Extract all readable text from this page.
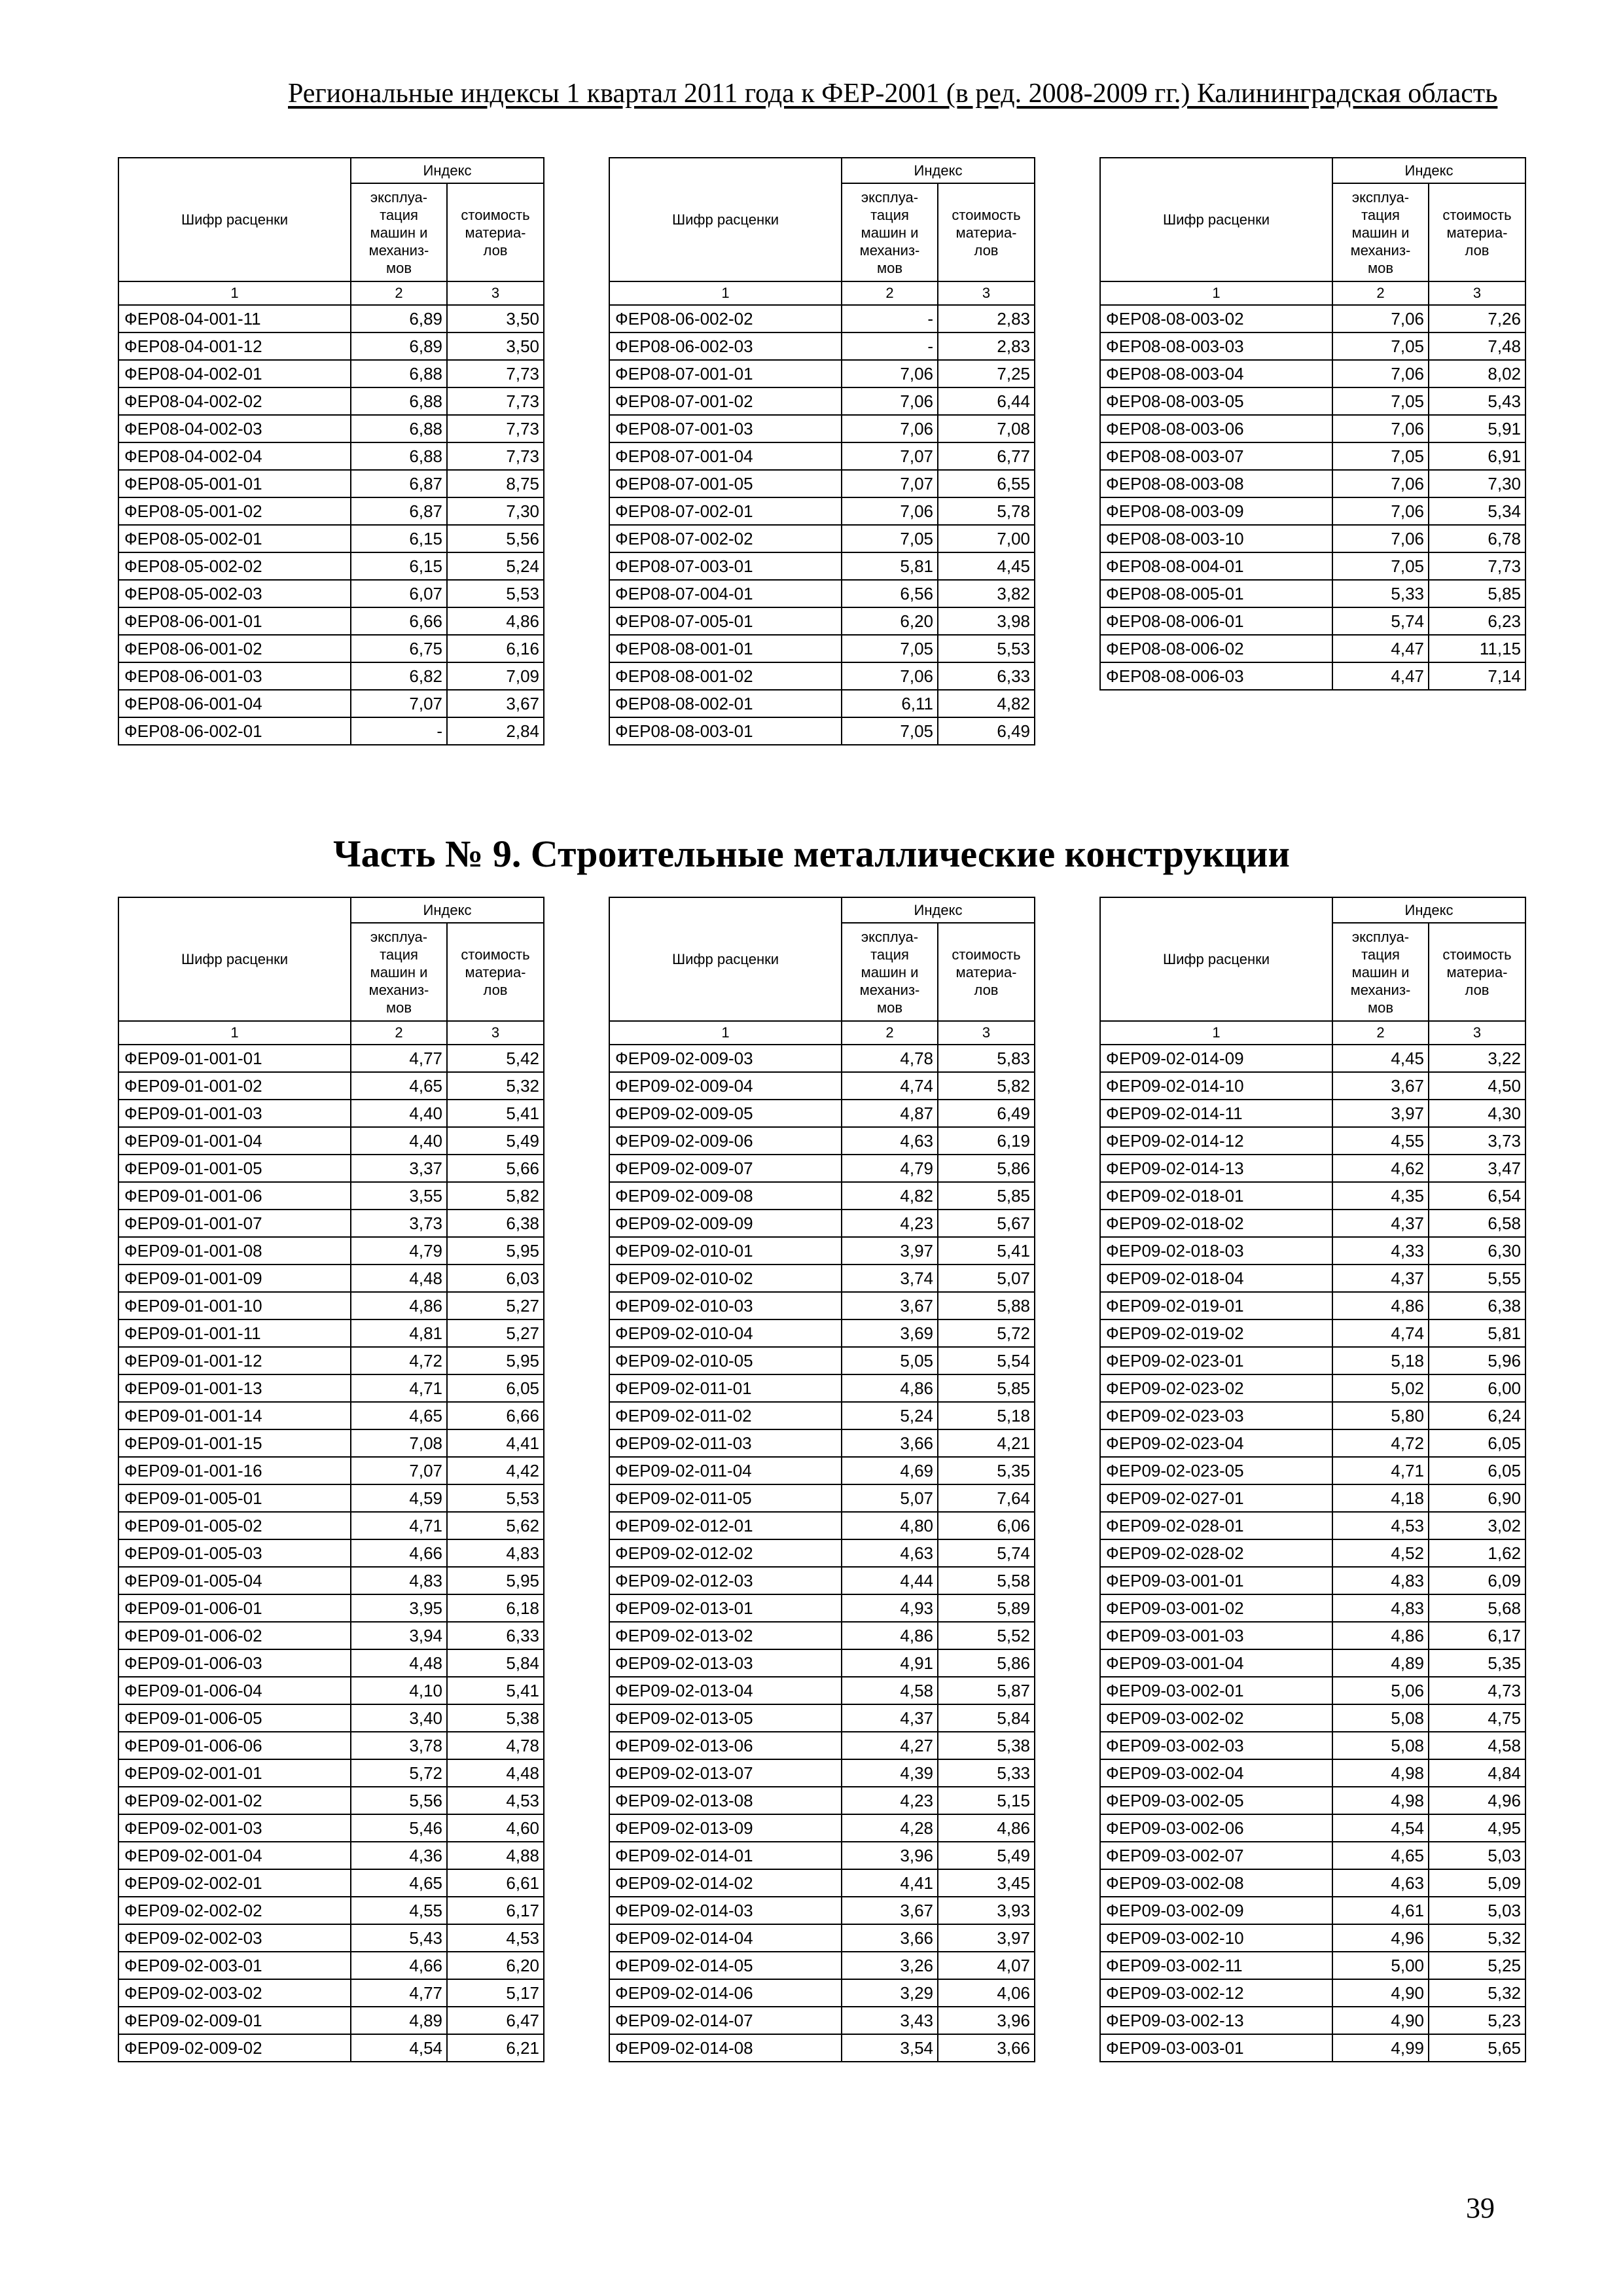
Региональные индексы 1 квартал 2011 года к ФЕР-2001 (в ред. 2008-2009 гг.) Калининградская область
Часть № 9. Строительные металлические конструкции
39
Шифр расценки	Индекс	
	эксплуа-
тация
машин и
механиз-
мов	стоимость
материа-
лов
1	2	3
ФЕР08-04-001-11	6,89	3,50
ФЕР08-04-001-12	6,89	3,50
ФЕР08-04-002-01	6,88	7,73
ФЕР08-04-002-02	6,88	7,73
ФЕР08-04-002-03	6,88	7,73
ФЕР08-04-002-04	6,88	7,73
ФЕР08-05-001-01	6,87	8,75
ФЕР08-05-001-02	6,87	7,30
ФЕР08-05-002-01	6,15	5,56
ФЕР08-05-002-02	6,15	5,24
ФЕР08-05-002-03	6,07	5,53
ФЕР08-06-001-01	6,66	4,86
ФЕР08-06-001-02	6,75	6,16
ФЕР08-06-001-03	6,82	7,09
ФЕР08-06-001-04	7,07	3,67
ФЕР08-06-002-01	-	2,84
Шифр расценки	Индекс	
	эксплуа-
тация
машин и
механиз-
мов	стоимость
материа-
лов
1	2	3
ФЕР08-06-002-02	-	2,83
ФЕР08-06-002-03	-	2,83
ФЕР08-07-001-01	7,06	7,25
ФЕР08-07-001-02	7,06	6,44
ФЕР08-07-001-03	7,06	7,08
ФЕР08-07-001-04	7,07	6,77
ФЕР08-07-001-05	7,07	6,55
ФЕР08-07-002-01	7,06	5,78
ФЕР08-07-002-02	7,05	7,00
ФЕР08-07-003-01	5,81	4,45
ФЕР08-07-004-01	6,56	3,82
ФЕР08-07-005-01	6,20	3,98
ФЕР08-08-001-01	7,05	5,53
ФЕР08-08-001-02	7,06	6,33
ФЕР08-08-002-01	6,11	4,82
ФЕР08-08-003-01	7,05	6,49
Шифр расценки	Индекс	
	эксплуа-
тация
машин и
механиз-
мов	стоимость
материа-
лов
1	2	3
ФЕР08-08-003-02	7,06	7,26
ФЕР08-08-003-03	7,05	7,48
ФЕР08-08-003-04	7,06	8,02
ФЕР08-08-003-05	7,05	5,43
ФЕР08-08-003-06	7,06	5,91
ФЕР08-08-003-07	7,05	6,91
ФЕР08-08-003-08	7,06	7,30
ФЕР08-08-003-09	7,06	5,34
ФЕР08-08-003-10	7,06	6,78
ФЕР08-08-004-01	7,05	7,73
ФЕР08-08-005-01	5,33	5,85
ФЕР08-08-006-01	5,74	6,23
ФЕР08-08-006-02	4,47	11,15
ФЕР08-08-006-03	4,47	7,14
Шифр расценки	Индекс	
	эксплуа-
тация
машин и
механиз-
мов	стоимость
материа-
лов
1	2	3
ФЕР09-01-001-01	4,77	5,42
ФЕР09-01-001-02	4,65	5,32
ФЕР09-01-001-03	4,40	5,41
ФЕР09-01-001-04	4,40	5,49
ФЕР09-01-001-05	3,37	5,66
ФЕР09-01-001-06	3,55	5,82
ФЕР09-01-001-07	3,73	6,38
ФЕР09-01-001-08	4,79	5,95
ФЕР09-01-001-09	4,48	6,03
ФЕР09-01-001-10	4,86	5,27
ФЕР09-01-001-11	4,81	5,27
ФЕР09-01-001-12	4,72	5,95
ФЕР09-01-001-13	4,71	6,05
ФЕР09-01-001-14	4,65	6,66
ФЕР09-01-001-15	7,08	4,41
ФЕР09-01-001-16	7,07	4,42
ФЕР09-01-005-01	4,59	5,53
ФЕР09-01-005-02	4,71	5,62
ФЕР09-01-005-03	4,66	4,83
ФЕР09-01-005-04	4,83	5,95
ФЕР09-01-006-01	3,95	6,18
ФЕР09-01-006-02	3,94	6,33
ФЕР09-01-006-03	4,48	5,84
ФЕР09-01-006-04	4,10	5,41
ФЕР09-01-006-05	3,40	5,38
ФЕР09-01-006-06	3,78	4,78
ФЕР09-02-001-01	5,72	4,48
ФЕР09-02-001-02	5,56	4,53
ФЕР09-02-001-03	5,46	4,60
ФЕР09-02-001-04	4,36	4,88
ФЕР09-02-002-01	4,65	6,61
ФЕР09-02-002-02	4,55	6,17
ФЕР09-02-002-03	5,43	4,53
ФЕР09-02-003-01	4,66	6,20
ФЕР09-02-003-02	4,77	5,17
ФЕР09-02-009-01	4,89	6,47
ФЕР09-02-009-02	4,54	6,21
Шифр расценки	Индекс	
	эксплуа-
тация
машин и
механиз-
мов	стоимость
материа-
лов
1	2	3
ФЕР09-02-009-03	4,78	5,83
ФЕР09-02-009-04	4,74	5,82
ФЕР09-02-009-05	4,87	6,49
ФЕР09-02-009-06	4,63	6,19
ФЕР09-02-009-07	4,79	5,86
ФЕР09-02-009-08	4,82	5,85
ФЕР09-02-009-09	4,23	5,67
ФЕР09-02-010-01	3,97	5,41
ФЕР09-02-010-02	3,74	5,07
ФЕР09-02-010-03	3,67	5,88
ФЕР09-02-010-04	3,69	5,72
ФЕР09-02-010-05	5,05	5,54
ФЕР09-02-011-01	4,86	5,85
ФЕР09-02-011-02	5,24	5,18
ФЕР09-02-011-03	3,66	4,21
ФЕР09-02-011-04	4,69	5,35
ФЕР09-02-011-05	5,07	7,64
ФЕР09-02-012-01	4,80	6,06
ФЕР09-02-012-02	4,63	5,74
ФЕР09-02-012-03	4,44	5,58
ФЕР09-02-013-01	4,93	5,89
ФЕР09-02-013-02	4,86	5,52
ФЕР09-02-013-03	4,91	5,86
ФЕР09-02-013-04	4,58	5,87
ФЕР09-02-013-05	4,37	5,84
ФЕР09-02-013-06	4,27	5,38
ФЕР09-02-013-07	4,39	5,33
ФЕР09-02-013-08	4,23	5,15
ФЕР09-02-013-09	4,28	4,86
ФЕР09-02-014-01	3,96	5,49
ФЕР09-02-014-02	4,41	3,45
ФЕР09-02-014-03	3,67	3,93
ФЕР09-02-014-04	3,66	3,97
ФЕР09-02-014-05	3,26	4,07
ФЕР09-02-014-06	3,29	4,06
ФЕР09-02-014-07	3,43	3,96
ФЕР09-02-014-08	3,54	3,66
Шифр расценки	Индекс	
	эксплуа-
тация
машин и
механиз-
мов	стоимость
материа-
лов
1	2	3
ФЕР09-02-014-09	4,45	3,22
ФЕР09-02-014-10	3,67	4,50
ФЕР09-02-014-11	3,97	4,30
ФЕР09-02-014-12	4,55	3,73
ФЕР09-02-014-13	4,62	3,47
ФЕР09-02-018-01	4,35	6,54
ФЕР09-02-018-02	4,37	6,58
ФЕР09-02-018-03	4,33	6,30
ФЕР09-02-018-04	4,37	5,55
ФЕР09-02-019-01	4,86	6,38
ФЕР09-02-019-02	4,74	5,81
ФЕР09-02-023-01	5,18	5,96
ФЕР09-02-023-02	5,02	6,00
ФЕР09-02-023-03	5,80	6,24
ФЕР09-02-023-04	4,72	6,05
ФЕР09-02-023-05	4,71	6,05
ФЕР09-02-027-01	4,18	6,90
ФЕР09-02-028-01	4,53	3,02
ФЕР09-02-028-02	4,52	1,62
ФЕР09-03-001-01	4,83	6,09
ФЕР09-03-001-02	4,83	5,68
ФЕР09-03-001-03	4,86	6,17
ФЕР09-03-001-04	4,89	5,35
ФЕР09-03-002-01	5,06	4,73
ФЕР09-03-002-02	5,08	4,75
ФЕР09-03-002-03	5,08	4,58
ФЕР09-03-002-04	4,98	4,84
ФЕР09-03-002-05	4,98	4,96
ФЕР09-03-002-06	4,54	4,95
ФЕР09-03-002-07	4,65	5,03
ФЕР09-03-002-08	4,63	5,09
ФЕР09-03-002-09	4,61	5,03
ФЕР09-03-002-10	4,96	5,32
ФЕР09-03-002-11	5,00	5,25
ФЕР09-03-002-12	4,90	5,32
ФЕР09-03-002-13	4,90	5,23
ФЕР09-03-003-01	4,99	5,65
